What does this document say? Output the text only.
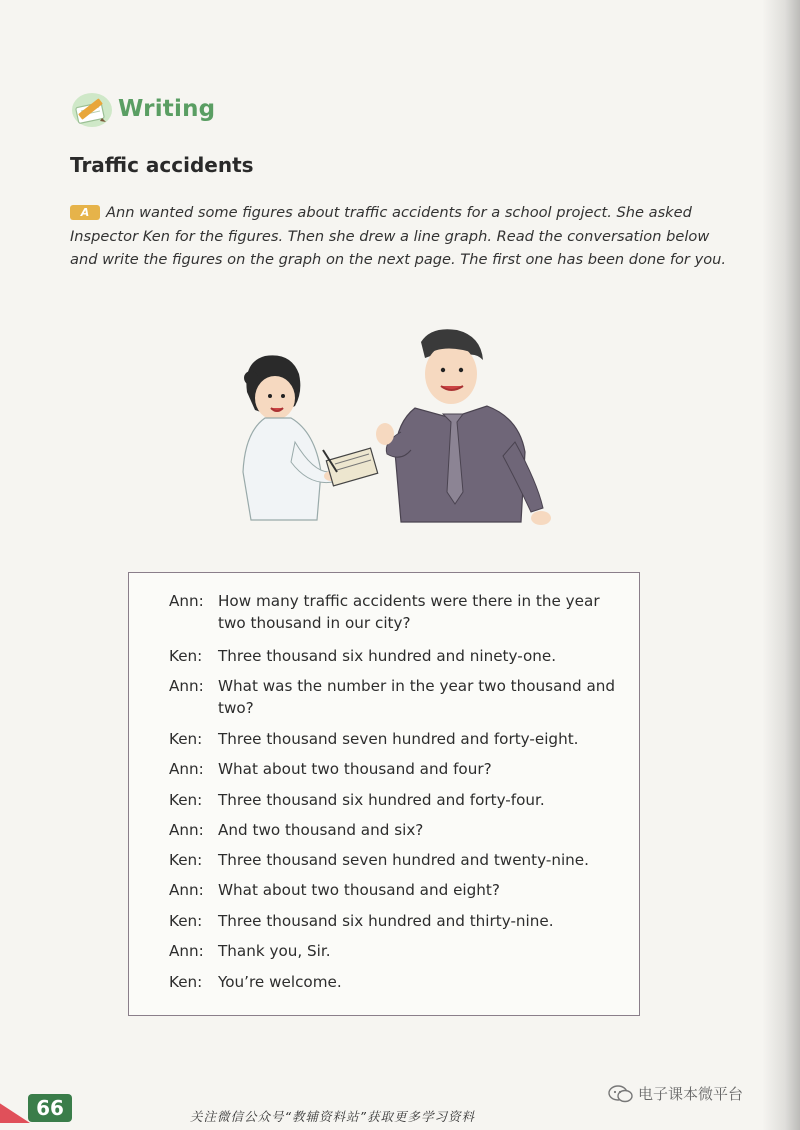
Writing
Traffic accidents
A Ann wanted some figures about traffic accidents for a school project. She asked Inspector Ken for the figures. Then she drew a line graph. Read the conversation below and write the figures on the graph on the next page. The first one has been done for you.
Ann: How many traffic accidents were there in the year two thousand in our city?
Ken:	Three thousand six hundred and ninety-one.
Ann: What was the number in the year two thousand and two?
Ken:	Three thousand seven hundred and forty-eight.
Ann: What about two thousand and four?
Ken:	Three thousand six hundred and forty-four.
Ann: And two thousand and six?
Ken:	Three thousand seven hundred and twenty-nine.
Ann: What about two thousand and eight?
Ken:	Three thousand six hundred and thirty-nine.
Ann: Thank you, Sir.
Ken:	You’re welcome.
66	关注微信公众号“教辅资料站”获取更多学习资料
电子课本微平台
